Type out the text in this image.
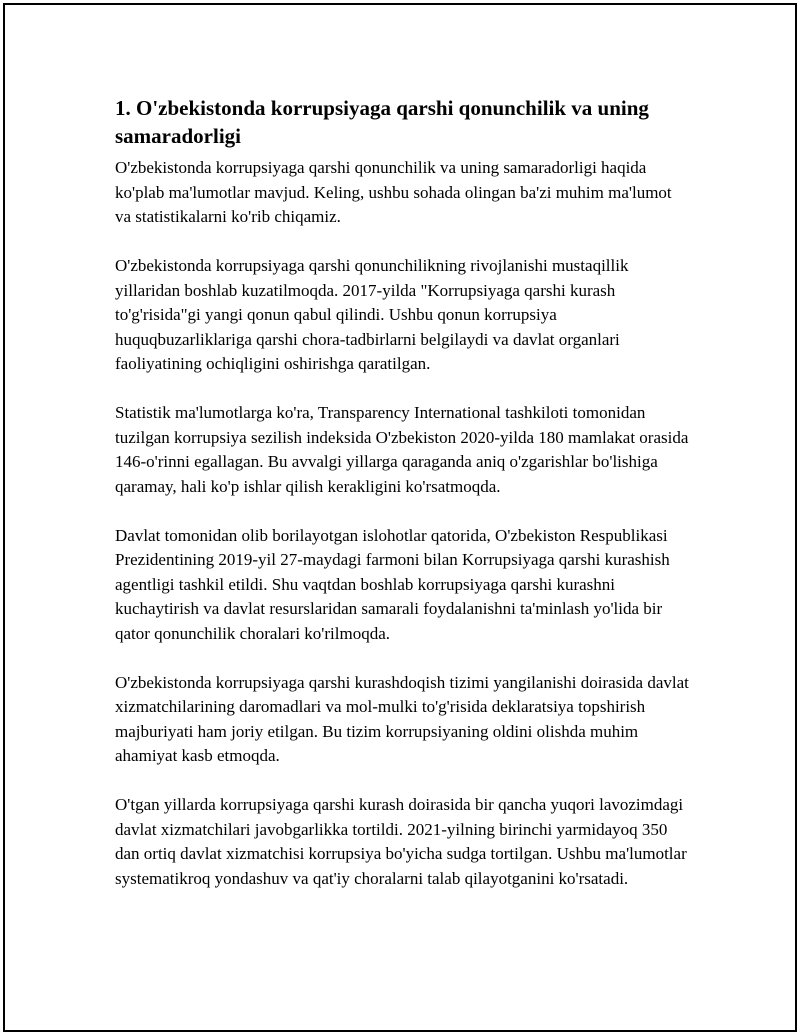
1. O'zbekistonda korrupsiyaga qarshi qonunchilik va uning samaradorligi

O'zbekistonda korrupsiyaga qarshi qonunchilik va uning samaradorligi haqida ko'plab ma'lumotlar mavjud. Keling, ushbu sohada olingan ba'zi muhim ma'lumot va statistikalarni ko'rib chiqamiz.

O'zbekistonda korrupsiyaga qarshi qonunchilikning rivojlanishi mustaqillik yillaridan boshlab kuzatilmoqda. 2017-yilda "Korrupsiyaga qarshi kurash to'g'risida"gi yangi qonun qabul qilindi. Ushbu qonun korrupsiya huquqbuzarliklariga qarshi chora-tadbirlarni belgilaydi va davlat organlari faoliyatining ochiqligini oshirishga qaratilgan.

Statistik ma'lumotlarga ko'ra, Transparency International tashkiloti tomonidan tuzilgan korrupsiya sezilish indeksida O'zbekiston 2020-yilda 180 mamlakat orasida 146-o'rinni egallagan. Bu avvalgi yillarga qaraganda aniq o'zgarishlar bo'lishiga qaramay, hali ko'p ishlar qilish kerakligini ko'rsatmoqda.

Davlat tomonidan olib borilayotgan islohotlar qatorida, O'zbekiston Respublikasi Prezidentining 2019-yil 27-maydagi farmoni bilan Korrupsiyaga qarshi kurashish agentligi tashkil etildi. Shu vaqtdan boshlab korrupsiyaga qarshi kurashni kuchaytirish va davlat resurslaridan samarali foydalanishni ta'minlash yo'lida bir qator qonunchilik choralari ko'rilmoqda.

O'zbekistonda korrupsiyaga qarshi kurashdoqish tizimi yangilanishi doirasida davlat xizmatchilarining daromadlari va mol-mulki to'g'risida deklaratsiya topshirish majburiyati ham joriy etilgan. Bu tizim korrupsiyaning oldini olishda muhim ahamiyat kasb etmoqda.

O'tgan yillarda korrupsiyaga qarshi kurash doirasida bir qancha yuqori lavozimdagi davlat xizmatchilari javobgarlikka tortildi. 2021-yilning birinchi yarmidayoq 350 dan ortiq davlat xizmatchisi korrupsiya bo'yicha sudga tortilgan. Ushbu ma'lumotlar systematikroq yondashuv va qat'iy choralarni talab qilayotganini ko'rsatadi.
